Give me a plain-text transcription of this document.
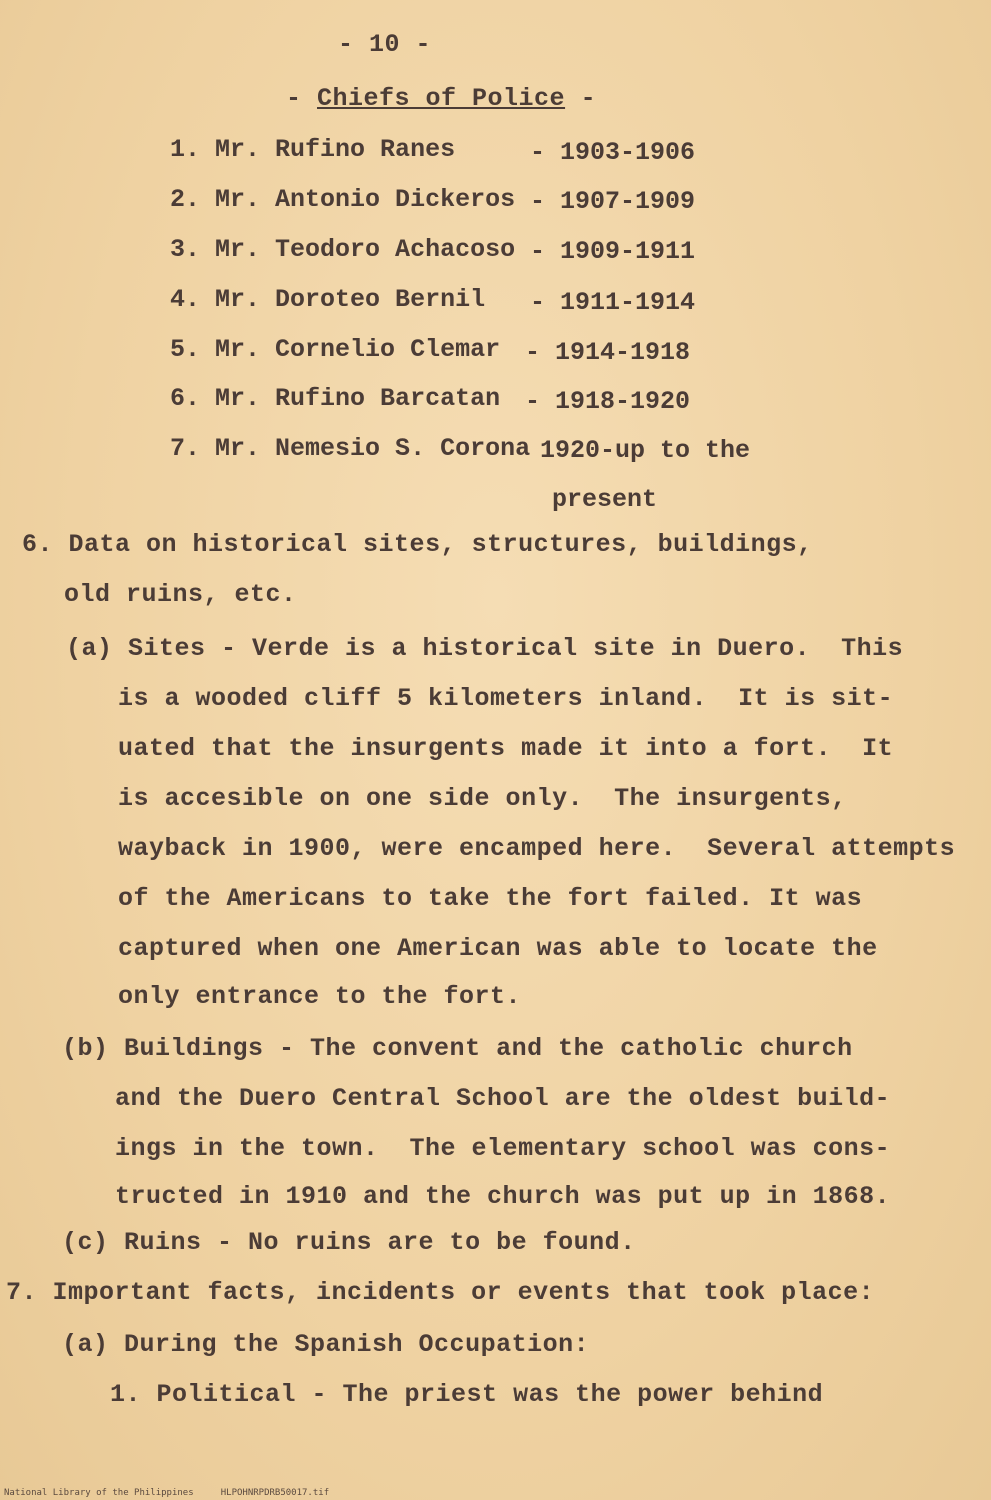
- 10 -
- Chiefs of Police -
1. Mr. Rufino Ranes	- 1903-1906
2. Mr. Antonio Dickeros - 1907-1909
3. Mr. Teodoro Achacoso - 1909-1911
4. Mr. Doroteo Bernil - 1911-1914
5. Mr. Cornelio Clemar - 1914-1918
6. Mr. Rufino Barcatan - 1918-1920
7. Mr. Nemesio S. Corona 1920-up to the
present
6. Data on historical sites, structures, buildings,
old ruins, etc.
(a) Sites - Verde is a historical site in Duero.  This
is a wooded cliff 5 kilometers inland.  It is sit-
uated that the insurgents made it into a fort.  It
is accesible on one side only.  The insurgents,
wayback in 1900, were encamped here.  Several attempts
of the Americans to take the fort failed. It was
captured when one American was able to locate the
only entrance to the fort.
(b) Buildings - The convent and the catholic church
and the Duero Central School are the oldest build-
ings in the town.  The elementary school was cons-
tructed in 1910 and the church was put up in 1868.
(c) Ruins - No ruins are to be found.
7. Important facts, incidents or events that took place:
(a) During the Spanish Occupation:
1. Political - The priest was the power behind
National Library of the Philippines     HLPOHNRPDRB50017.tif
